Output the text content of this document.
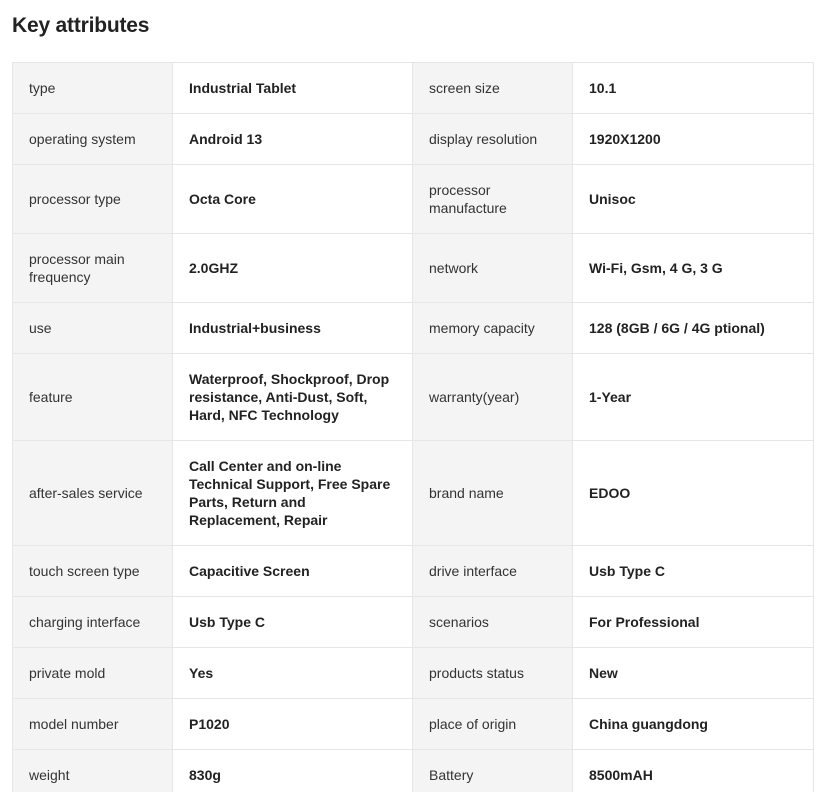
Key attributes
type	Industrial Tablet	screen size	10.1
operating system	Android 13	display resolution	1920X1200
processor type	Octa Core	processor manufacture	Unisoc
processor main frequency	2.0GHZ	network	Wi-Fi, Gsm, 4 G, 3 G
use	Industrial+business	memory capacity	128 (8GB / 6G / 4G ptional)
feature	Waterproof, Shockproof, Drop resistance, Anti-Dust, Soft, Hard, NFC Technology	warranty(year)	1-Year
after-sales service	Call Center and on-line Technical Support, Free Spare Parts, Return and Replacement, Repair	brand name	EDOO
touch screen type	Capacitive Screen	drive interface	Usb Type C
charging interface	Usb Type C	scenarios	For Professional
private mold	Yes	products status	New
model number	P1020	place of origin	China guangdong
weight	830g	Battery	8500mAH
